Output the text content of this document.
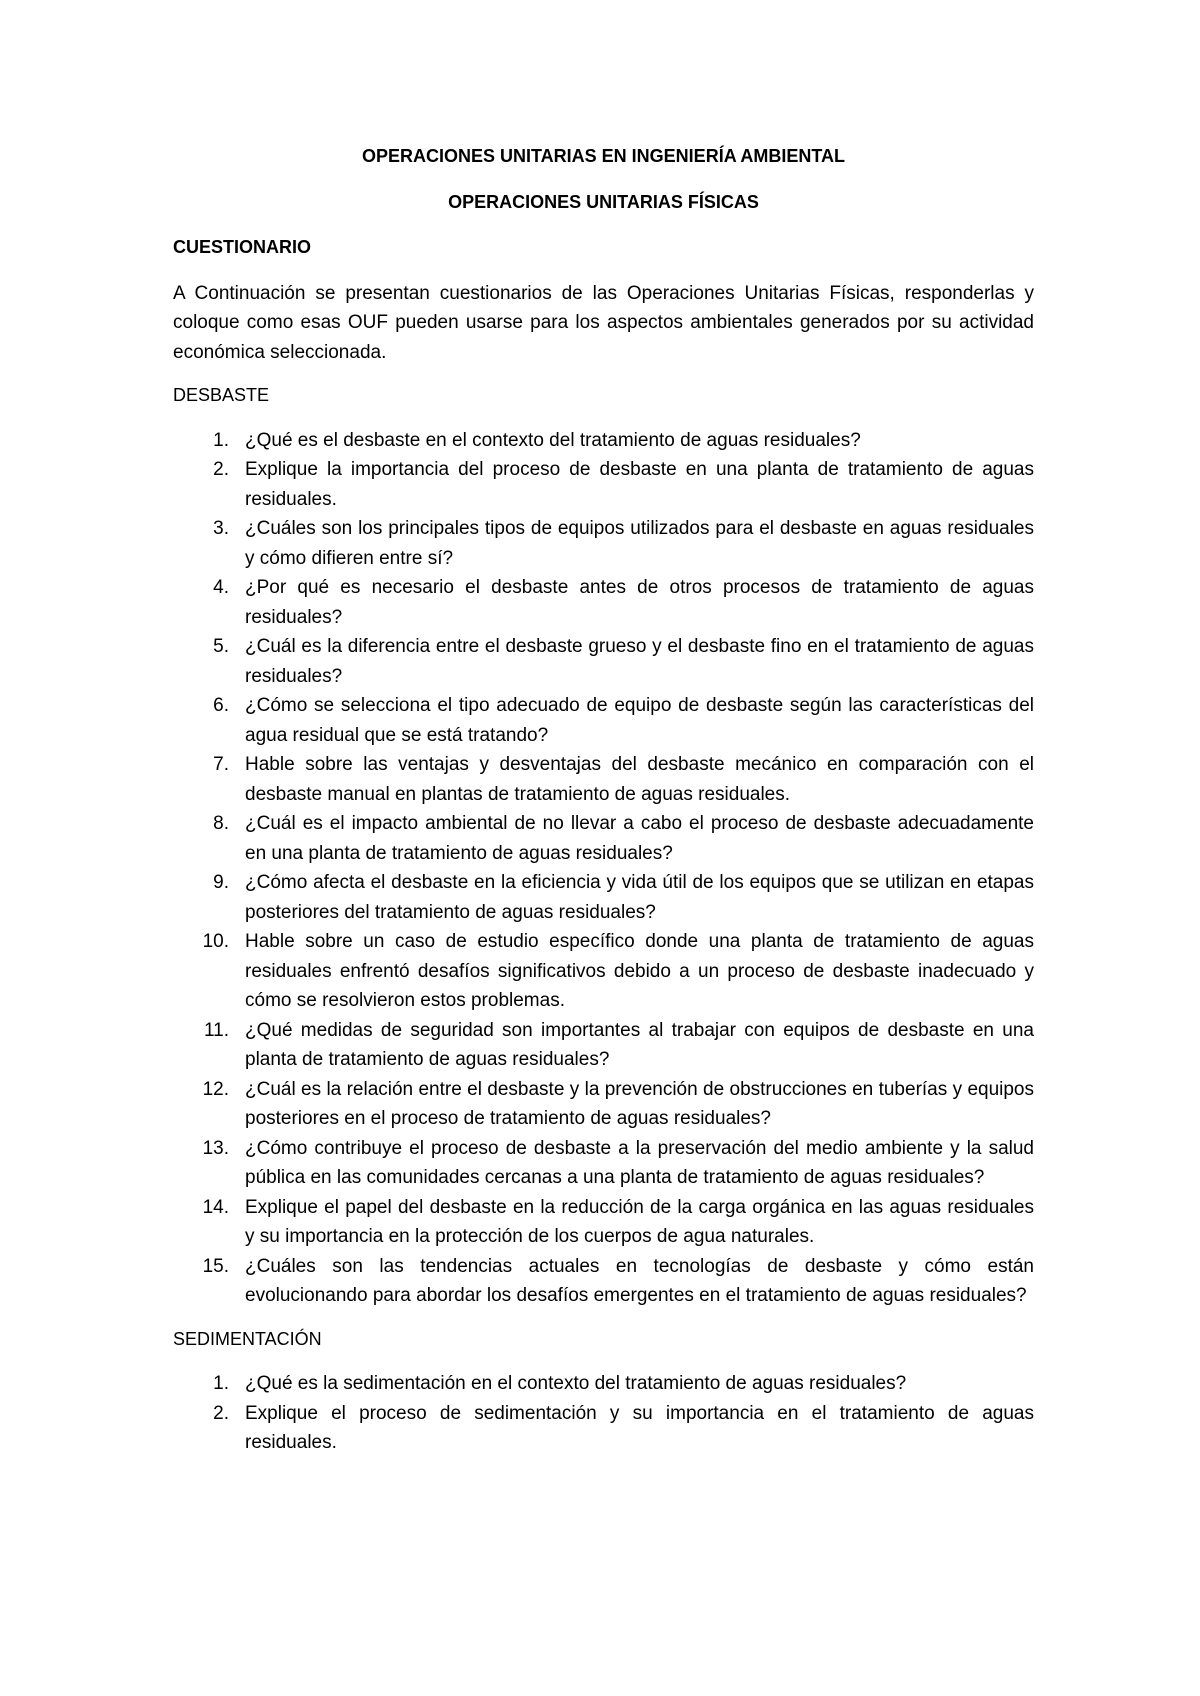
OPERACIONES UNITARIAS EN INGENIERÍA AMBIENTAL

OPERACIONES UNITARIAS FÍSICAS

CUESTIONARIO

A Continuación se presentan cuestionarios de las Operaciones Unitarias Físicas, responderlas y coloque como esas OUF pueden usarse para los aspectos ambientales generados por su actividad económica seleccionada.

DESBASTE

1. ¿Qué es el desbaste en el contexto del tratamiento de aguas residuales?
2. Explique la importancia del proceso de desbaste en una planta de tratamiento de aguas residuales.
3. ¿Cuáles son los principales tipos de equipos utilizados para el desbaste en aguas residuales y cómo difieren entre sí?
4. ¿Por qué es necesario el desbaste antes de otros procesos de tratamiento de aguas residuales?
5. ¿Cuál es la diferencia entre el desbaste grueso y el desbaste fino en el tratamiento de aguas residuales?
6. ¿Cómo se selecciona el tipo adecuado de equipo de desbaste según las características del agua residual que se está tratando?
7. Hable sobre las ventajas y desventajas del desbaste mecánico en comparación con el desbaste manual en plantas de tratamiento de aguas residuales.
8. ¿Cuál es el impacto ambiental de no llevar a cabo el proceso de desbaste adecuadamente en una planta de tratamiento de aguas residuales?
9. ¿Cómo afecta el desbaste en la eficiencia y vida útil de los equipos que se utilizan en etapas posteriores del tratamiento de aguas residuales?
10. Hable sobre un caso de estudio específico donde una planta de tratamiento de aguas residuales enfrentó desafíos significativos debido a un proceso de desbaste inadecuado y cómo se resolvieron estos problemas.
11. ¿Qué medidas de seguridad son importantes al trabajar con equipos de desbaste en una planta de tratamiento de aguas residuales?
12. ¿Cuál es la relación entre el desbaste y la prevención de obstrucciones en tuberías y equipos posteriores en el proceso de tratamiento de aguas residuales?
13. ¿Cómo contribuye el proceso de desbaste a la preservación del medio ambiente y la salud pública en las comunidades cercanas a una planta de tratamiento de aguas residuales?
14. Explique el papel del desbaste en la reducción de la carga orgánica en las aguas residuales y su importancia en la protección de los cuerpos de agua naturales.
15. ¿Cuáles son las tendencias actuales en tecnologías de desbaste y cómo están evolucionando para abordar los desafíos emergentes en el tratamiento de aguas residuales?

SEDIMENTACIÓN

1. ¿Qué es la sedimentación en el contexto del tratamiento de aguas residuales?
2. Explique el proceso de sedimentación y su importancia en el tratamiento de aguas residuales.
